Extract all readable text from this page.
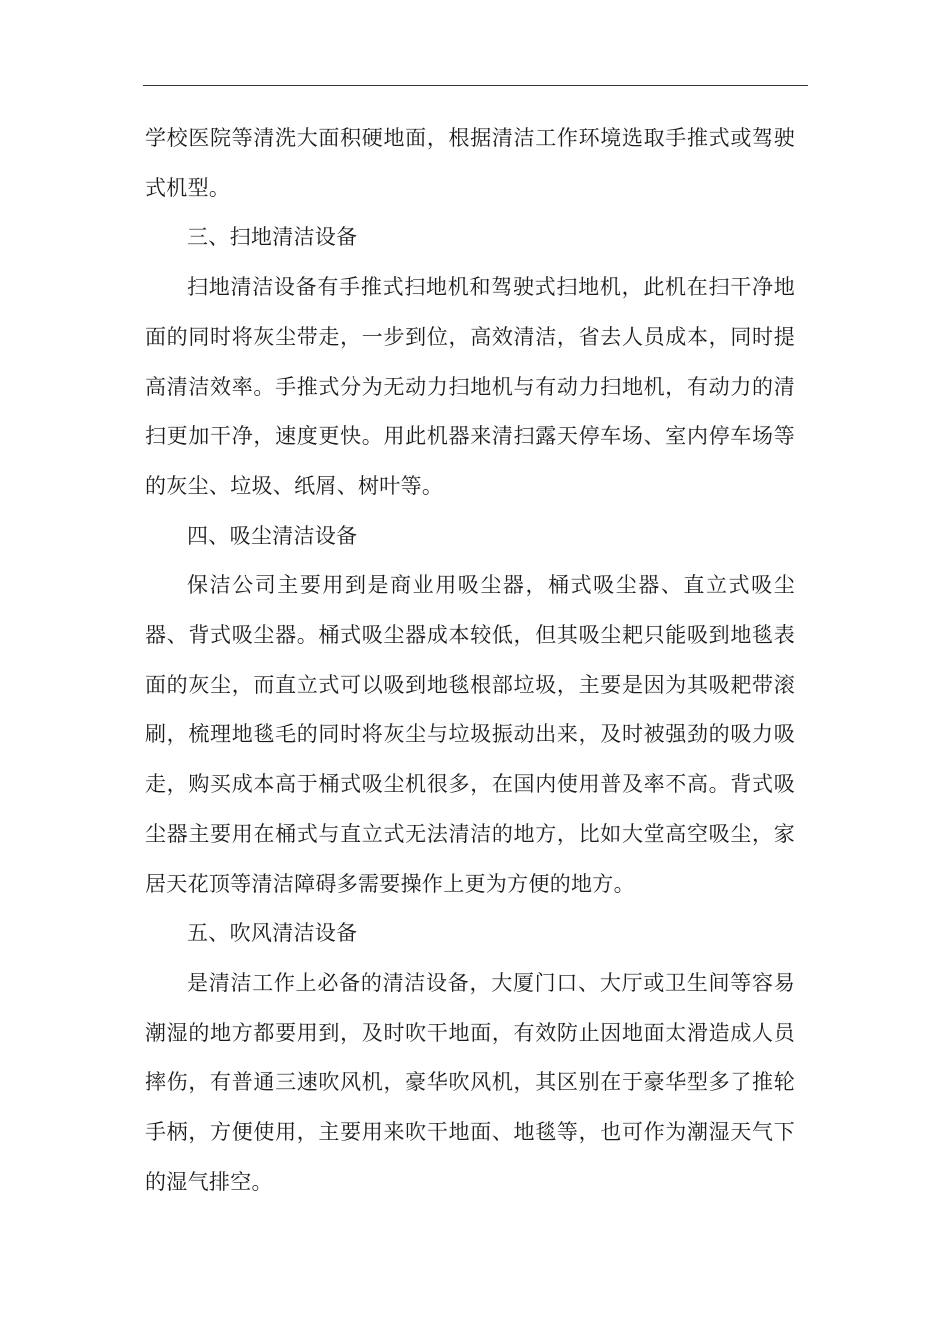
学校医院等清洗大面积硬地面，根据清洁工作环境选取手推式或驾驶式机型。

三、扫地清洁设备

扫地清洁设备有手推式扫地机和驾驶式扫地机，此机在扫干净地面的同时将灰尘带走，一步到位，高效清洁，省去人员成本，同时提高清洁效率。手推式分为无动力扫地机与有动力扫地机，有动力的清扫更加干净，速度更快。用此机器来清扫露天停车场、室内停车场等的灰尘、垃圾、纸屑、树叶等。

四、吸尘清洁设备

保洁公司主要用到是商业用吸尘器，桶式吸尘器、直立式吸尘器、背式吸尘器。桶式吸尘器成本较低，但其吸尘耙只能吸到地毯表面的灰尘，而直立式可以吸到地毯根部垃圾，主要是因为其吸耙带滚刷，梳理地毯毛的同时将灰尘与垃圾振动出来，及时被强劲的吸力吸走，购买成本高于桶式吸尘机很多，在国内使用普及率不高。背式吸尘器主要用在桶式与直立式无法清洁的地方，比如大堂高空吸尘，家居天花顶等清洁障碍多需要操作上更为方便的地方。

五、吹风清洁设备

是清洁工作上必备的清洁设备，大厦门口、大厅或卫生间等容易潮湿的地方都要用到，及时吹干地面，有效防止因地面太滑造成人员摔伤，有普通三速吹风机，豪华吹风机，其区别在于豪华型多了推轮手柄，方便使用，主要用来吹干地面、地毯等，也可作为潮湿天气下的湿气排空。
